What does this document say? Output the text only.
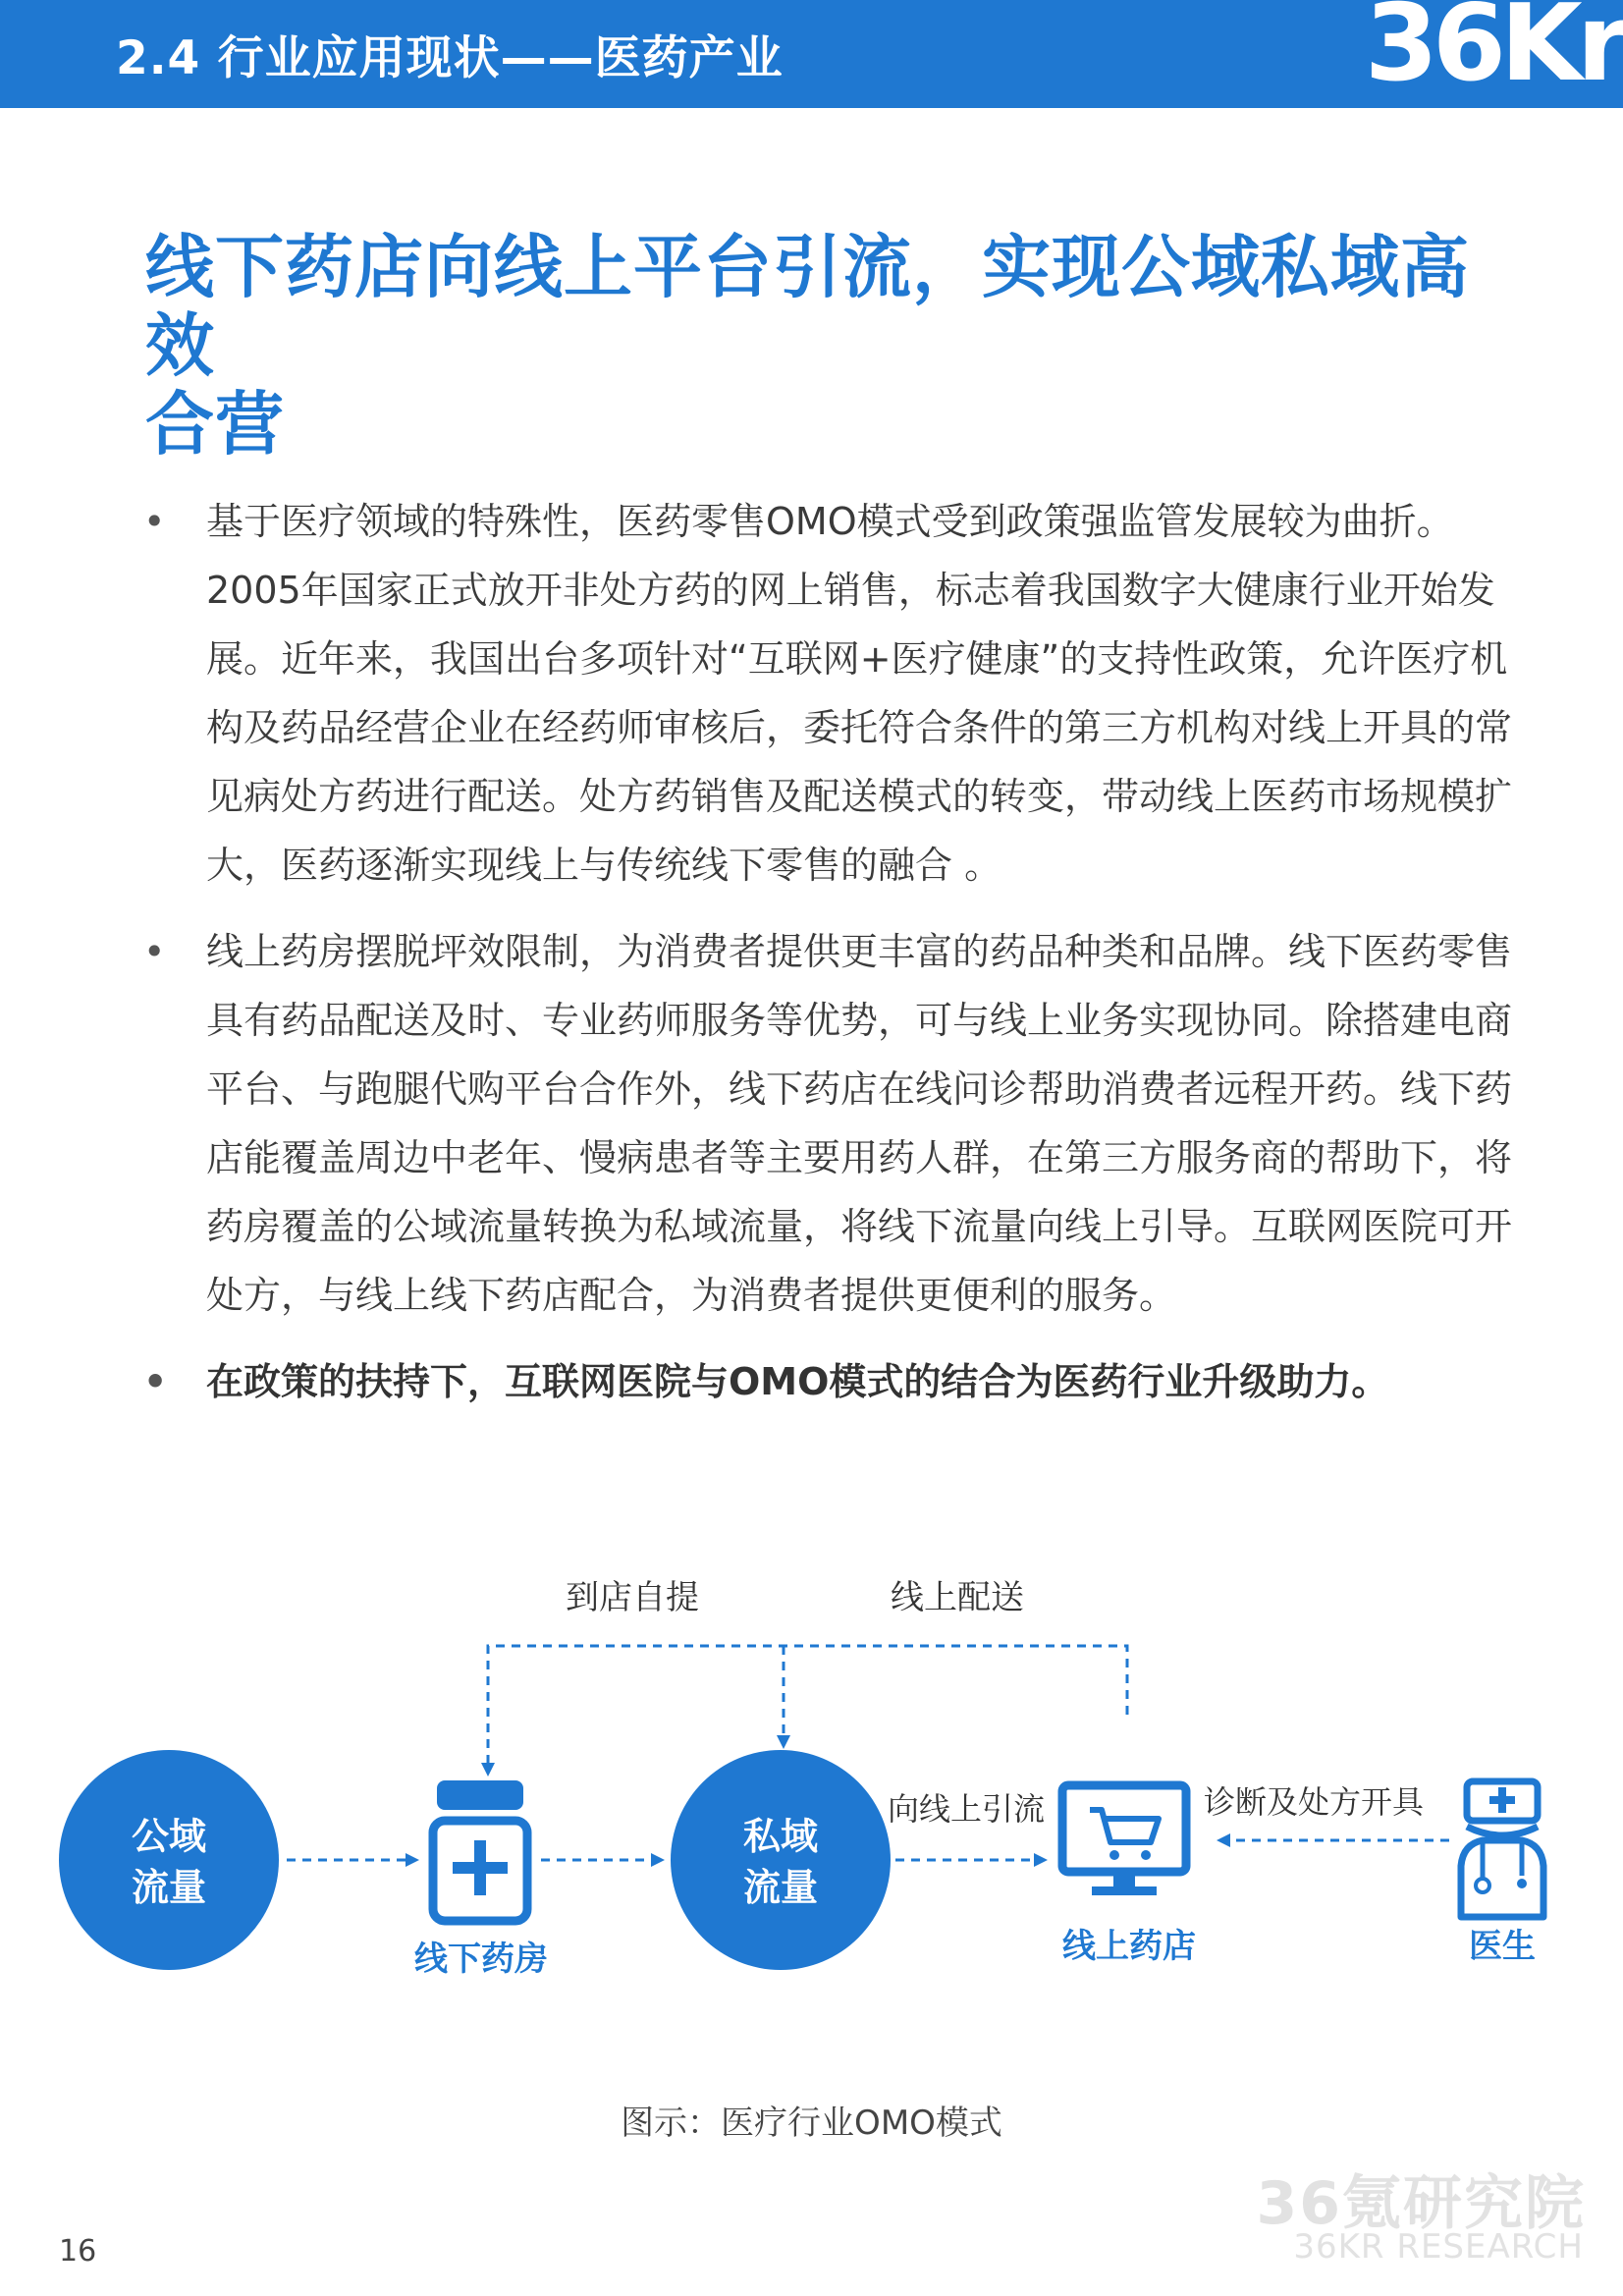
2.4 行业应用现状——医药产业	36Kr
线下药店向线上平台引流，实现公域私域高效
合营
• 基于医疗领域的特殊性，医药零售OMO模式受到政策强监管发展较为曲折。2005年国家正式放开非处方药的网上销售，标志着我国数字大健康行业开始发展。近年来，我国出台多项针对“互联网+医疗健康”的支持性政策，允许医疗机构及药品经营企业在经药师审核后，委托符合条件的第三方机构对线上开具的常见病处方药进行配送。处方药销售及配送模式的转变，带动线上医药市场规模扩大，医药逐渐实现线上与传统线下零售的融合 。
• 线上药房摆脱坪效限制，为消费者提供更丰富的药品种类和品牌。线下医药零售具有药品配送及时、专业药师服务等优势，可与线上业务实现协同。除搭建电商平台、与跑腿代购平台合作外，线下药店在线问诊帮助消费者远程开药。线下药店能覆盖周边中老年、慢病患者等主要用药人群，在第三方服务商的帮助下，将药房覆盖的公域流量转换为私域流量，将线下流量向线上引导。互联网医院可开处方，与线上线下药店配合，为消费者提供更便利的服务。
• 在政策的扶持下，互联网医院与OMO模式的结合为医药行业升级助力。
到店自提	线上配送
公域
流量
线下药房
私域
流量
向线上引流
线上药店
诊断及处方开具
医生
图示：医疗行业OMO模式
36氪研究院
36KR RESEARCH
16
